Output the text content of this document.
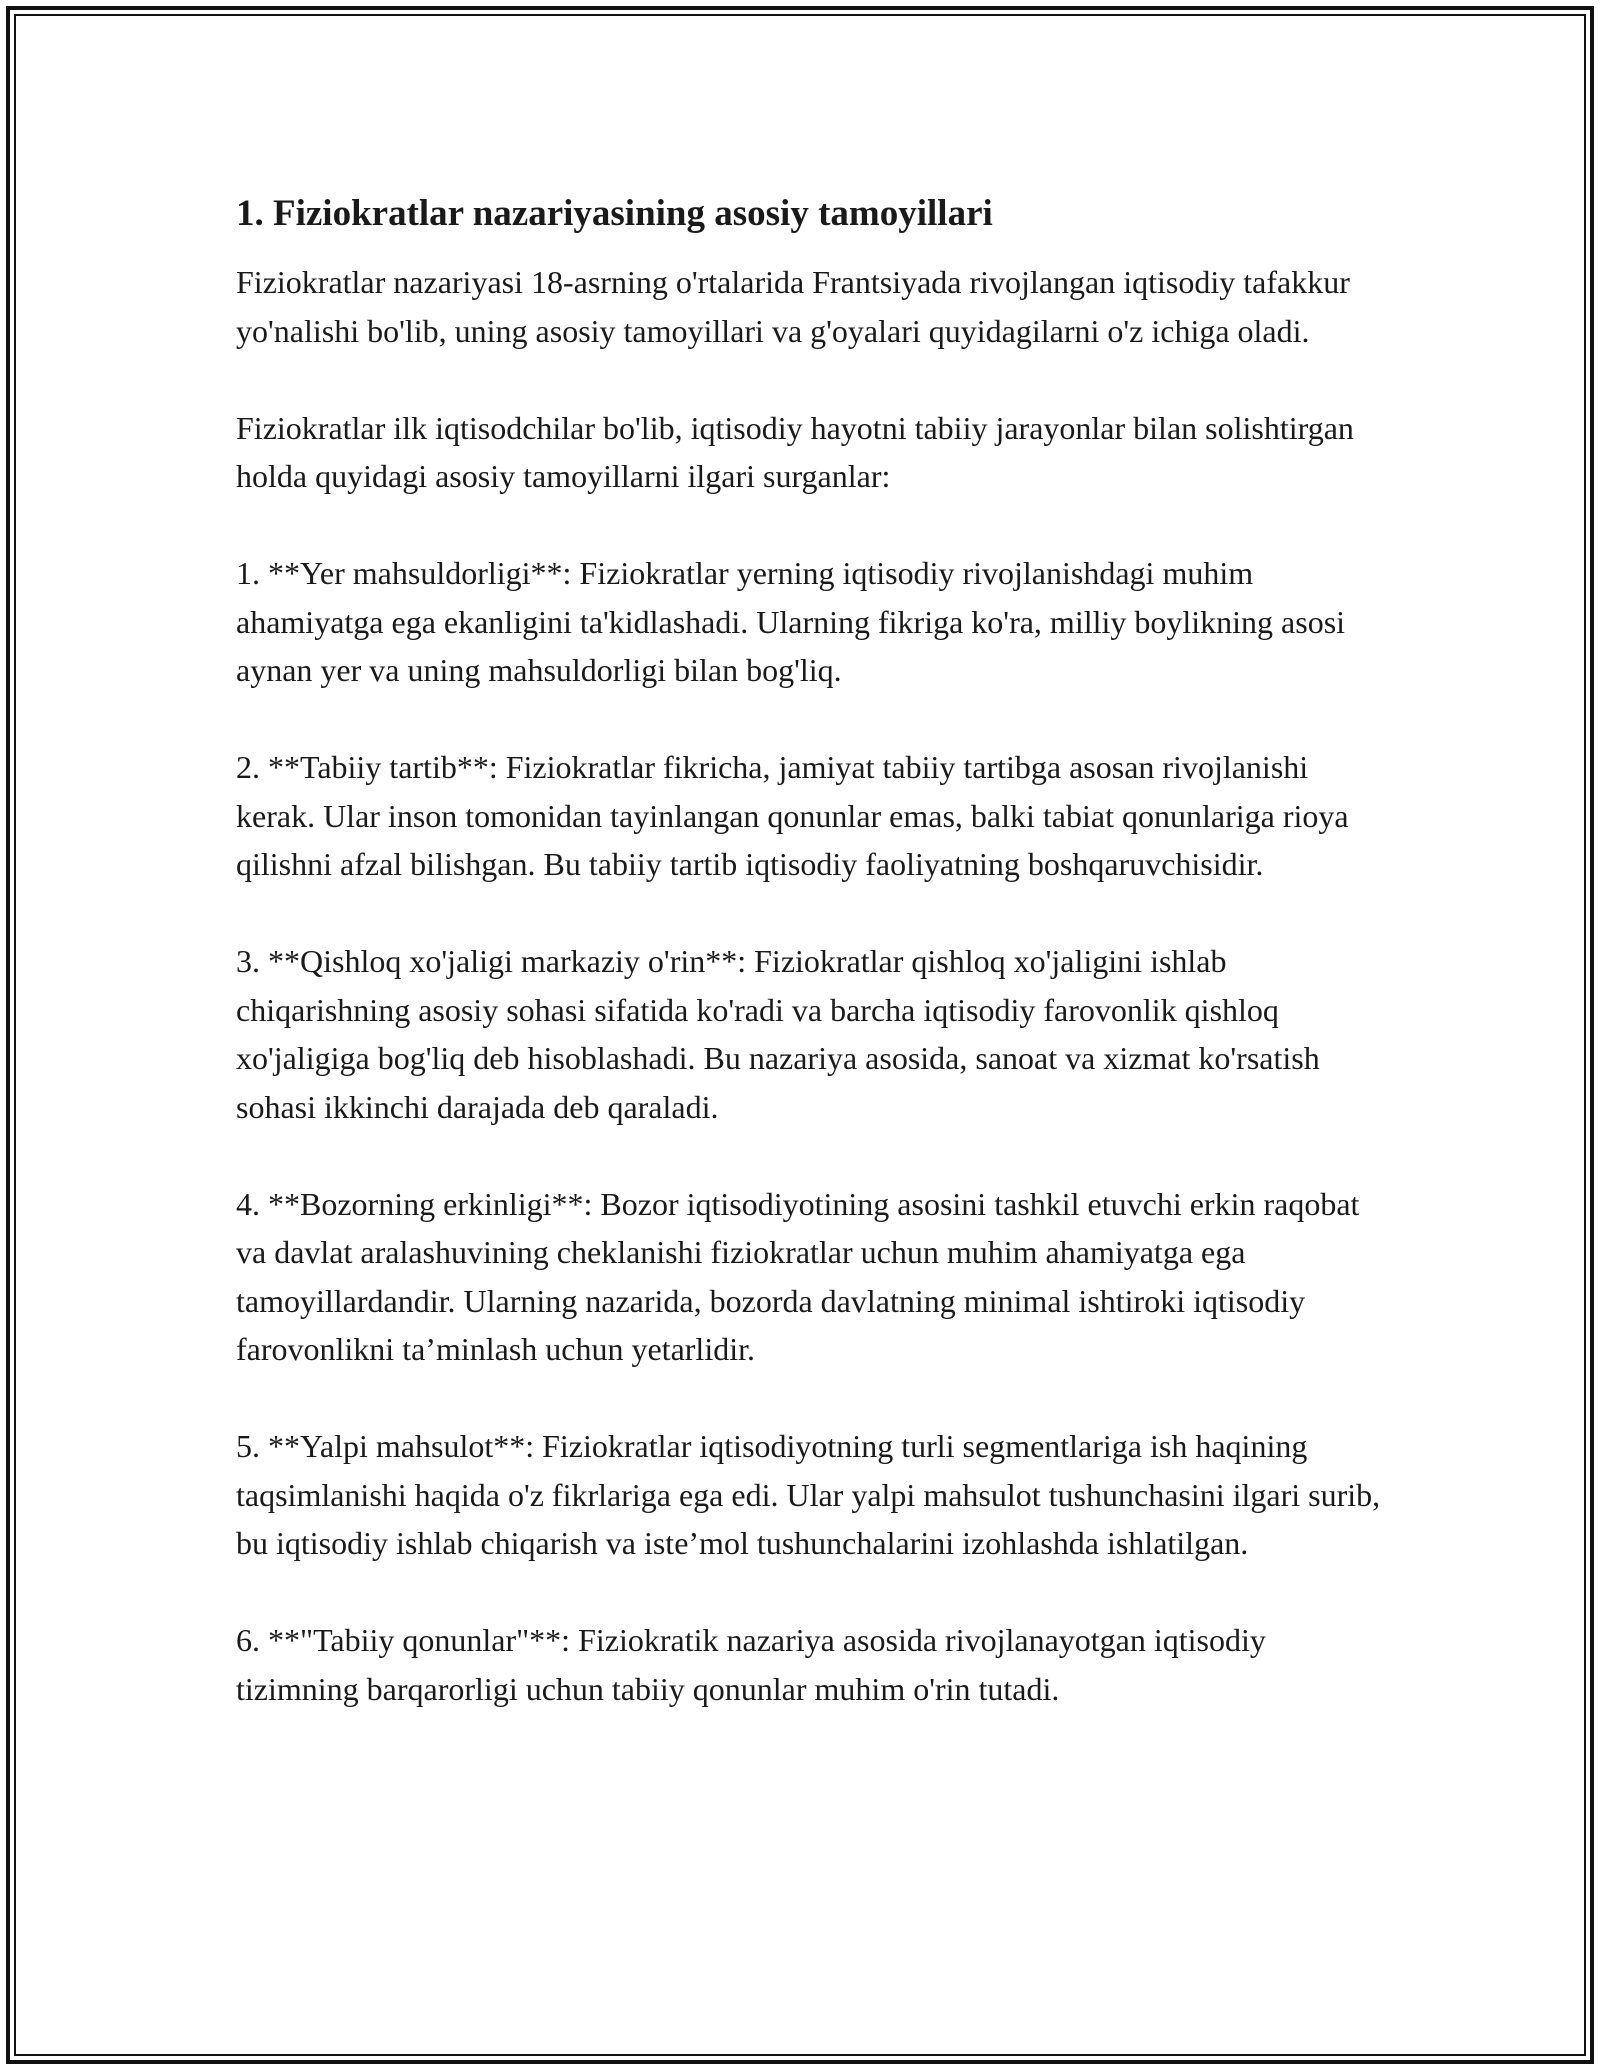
1. Fiziokratlar nazariyasining asosiy tamoyillari

Fiziokratlar nazariyasi 18-asrning o'rtalarida Frantsiyada rivojlangan iqtisodiy tafakkur yo'nalishi bo'lib, uning asosiy tamoyillari va g'oyalari quyidagilarni o'z ichiga oladi.

Fiziokratlar ilk iqtisodchilar bo'lib, iqtisodiy hayotni tabiiy jarayonlar bilan solishtirgan holda quyidagi asosiy tamoyillarni ilgari surganlar:

1. **Yer mahsuldorligi**: Fiziokratlar yerning iqtisodiy rivojlanishdagi muhim ahamiyatga ega ekanligini ta'kidlashadi. Ularning fikriga ko'ra, milliy boylikning asosi aynan yer va uning mahsuldorligi bilan bog'liq.

2. **Tabiiy tartib**: Fiziokratlar fikricha, jamiyat tabiiy tartibga asosan rivojlanishi kerak. Ular inson tomonidan tayinlangan qonunlar emas, balki tabiat qonunlariga rioya qilishni afzal bilishgan. Bu tabiiy tartib iqtisodiy faoliyatning boshqaruvchisidir.

3. **Qishloq xo'jaligi markaziy o'rin**: Fiziokratlar qishloq xo'jaligini ishlab chiqarishning asosiy sohasi sifatida ko'radi va barcha iqtisodiy farovonlik qishloq xo'jaligiga bog'liq deb hisoblashadi. Bu nazariya asosida, sanoat va xizmat ko'rsatish sohasi ikkinchi darajada deb qaraladi.

4. **Bozorning erkinligi**: Bozor iqtisodiyotining asosini tashkil etuvchi erkin raqobat va davlat aralashuvining cheklanishi fiziokratlar uchun muhim ahamiyatga ega tamoyillardandir. Ularning nazarida, bozorda davlatning minimal ishtiroki iqtisodiy farovonlikni ta’minlash uchun yetarlidir.

5. **Yalpi mahsulot**: Fiziokratlar iqtisodiyotning turli segmentlariga ish haqining taqsimlanishi haqida o'z fikrlariga ega edi. Ular yalpi mahsulot tushunchasini ilgari surib, bu iqtisodiy ishlab chiqarish va iste’mol tushunchalarini izohlashda ishlatilgan.

6. **"Tabiiy qonunlar"**: Fiziokratik nazariya asosida rivojlanayotgan iqtisodiy tizimning barqarorligi uchun tabiiy qonunlar muhim o'rin tutadi.
